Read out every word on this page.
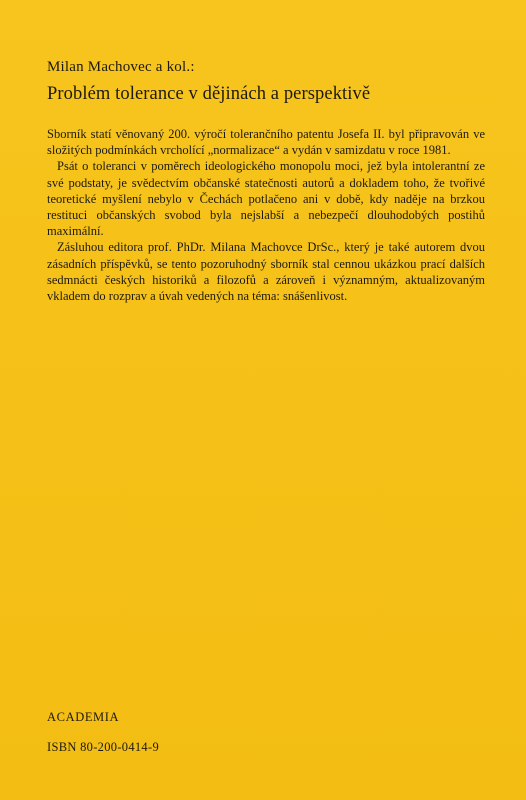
Milan Machovec a kol.:
Problém tolerance v dějinách a perspektivě

Sborník statí věnovaný 200. výročí tolerančního patentu Josefa II. byl připravován ve složitých podmínkách vrcholící „normalizace“ a vydán v samizdatu v roce 1981.

Psát o toleranci v poměrech ideologického monopolu moci, jež byla intolerantní ze své podstaty, je svědectvím občanské statečnosti autorů a dokladem toho, že tvořivé teoretické myšlení nebylo v Čechách potlačeno ani v době, kdy naděje na brzkou restituci občanských svobod byla nejslabší a nebezpečí dlouhodobých postihů maximální.

Zásluhou editora prof. PhDr. Milana Machovce DrSc., který je také autorem dvou zásadních příspěvků, se tento pozoruhodný sborník stal cennou ukázkou prací dalších sedmnácti českých historiků a filozofů a zároveň i významným, aktualizovaným vkladem do rozprav a úvah vedených na téma: snášenlivost.

ACADEMIA
ISBN 80-200-0414-9
